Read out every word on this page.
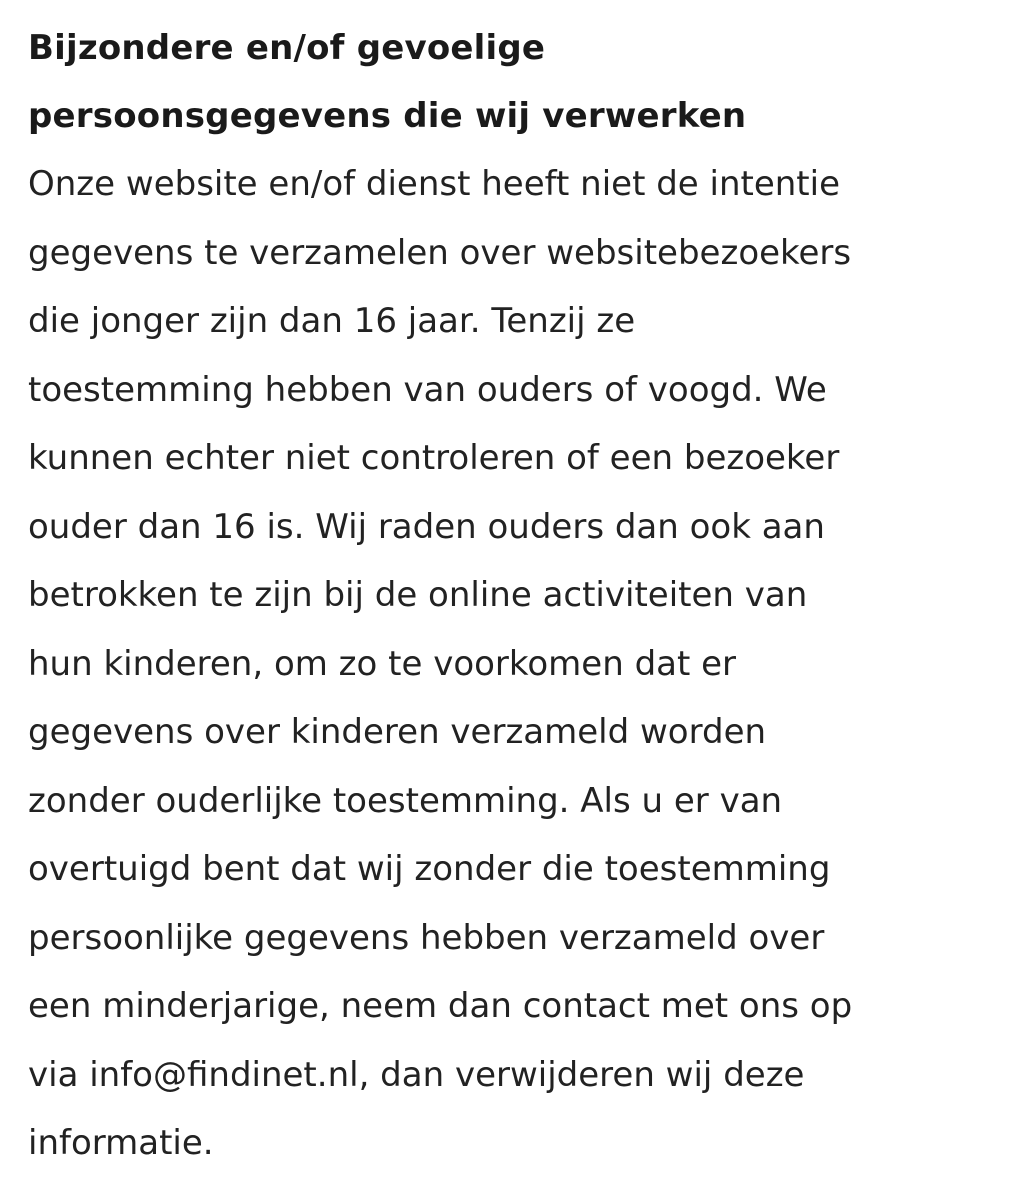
Bijzondere en/of gevoelige
persoonsgegevens die wij verwerken

Onze website en/of dienst heeft niet de intentie
gegevens te verzamelen over websitebezoekers
die jonger zijn dan 16 jaar. Tenzij ze
toestemming hebben van ouders of voogd. We
kunnen echter niet controleren of een bezoeker
ouder dan 16 is. Wij raden ouders dan ook aan
betrokken te zijn bij de online activiteiten van
hun kinderen, om zo te voorkomen dat er
gegevens over kinderen verzameld worden
zonder ouderlijke toestemming. Als u er van
overtuigd bent dat wij zonder die toestemming
persoonlijke gegevens hebben verzameld over
een minderjarige, neem dan contact met ons op
via info@findinet.nl, dan verwijderen wij deze
informatie.
